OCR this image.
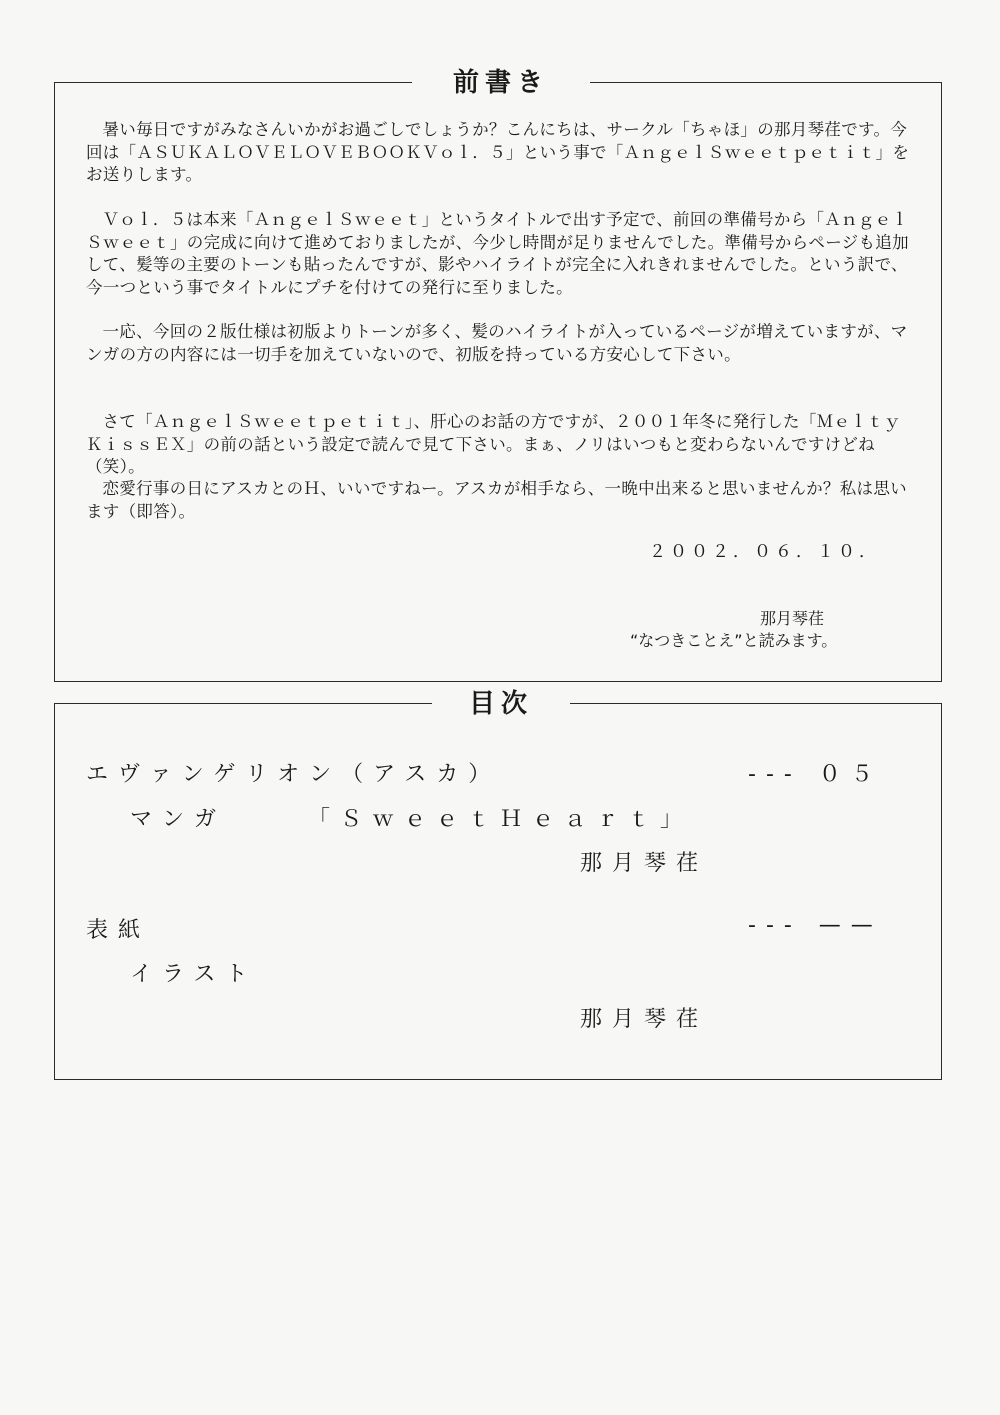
前書き

暑い毎日ですがみなさんいかがお過ごしでしょうか？こんにちは、サークル「ちゃほ」の那月琴荏です。今回は「ＡＳＵＫＡＬＯＶＥＬＯＶＥＢＯＯＫＶｏｌ．５」という事で「ＡｎｇｅｌＳｗｅｅｔｐｅｔｉｔ」をお送りします。

Ｖｏｌ．５は本来「ＡｎｇｅｌＳｗｅｅｔ」というタイトルで出す予定で、前回の準備号から「ＡｎｇｅｌＳｗｅｅｔ」の完成に向けて進めておりましたが、今少し時間が足りませんでした。準備号からページも追加して、髪等の主要のトーンも貼ったんですが、影やハイライトが完全に入れきれませんでした。という訳で、今一つという事でタイトルにプチを付けての発行に至りました。

一応、今回の２版仕様は初版よりトーンが多く、髪のハイライトが入っているページが増えていますが、マンガの方の内容には一切手を加えていないので、初版を持っている方安心して下さい。

さて「ＡｎｇｅｌＳｗｅｅｔｐｅｔｉｔ」、肝心のお話の方ですが、２００１年冬に発行した「ＭｅｌｔｙＫｉｓｓＥＸ」の前の話という設定で読んで見て下さい。まぁ、ノリはいつもと変わらないんですけどね（笑）。

恋愛行事の日にアスカとのＨ、いいですねー。アスカが相手なら、一晩中出来ると思いませんか？私は思います（即答）。

２００２．０６．１０．
那月琴荏
“なつきことえ”と読みます。
目次
エヴァンゲリオン（アスカ）	--- ０５
マンガ	「ＳｗｅｅｔＨｅａｒｔ」
那月琴荏
表紙	--- ——
イラスト
那月琴荏
